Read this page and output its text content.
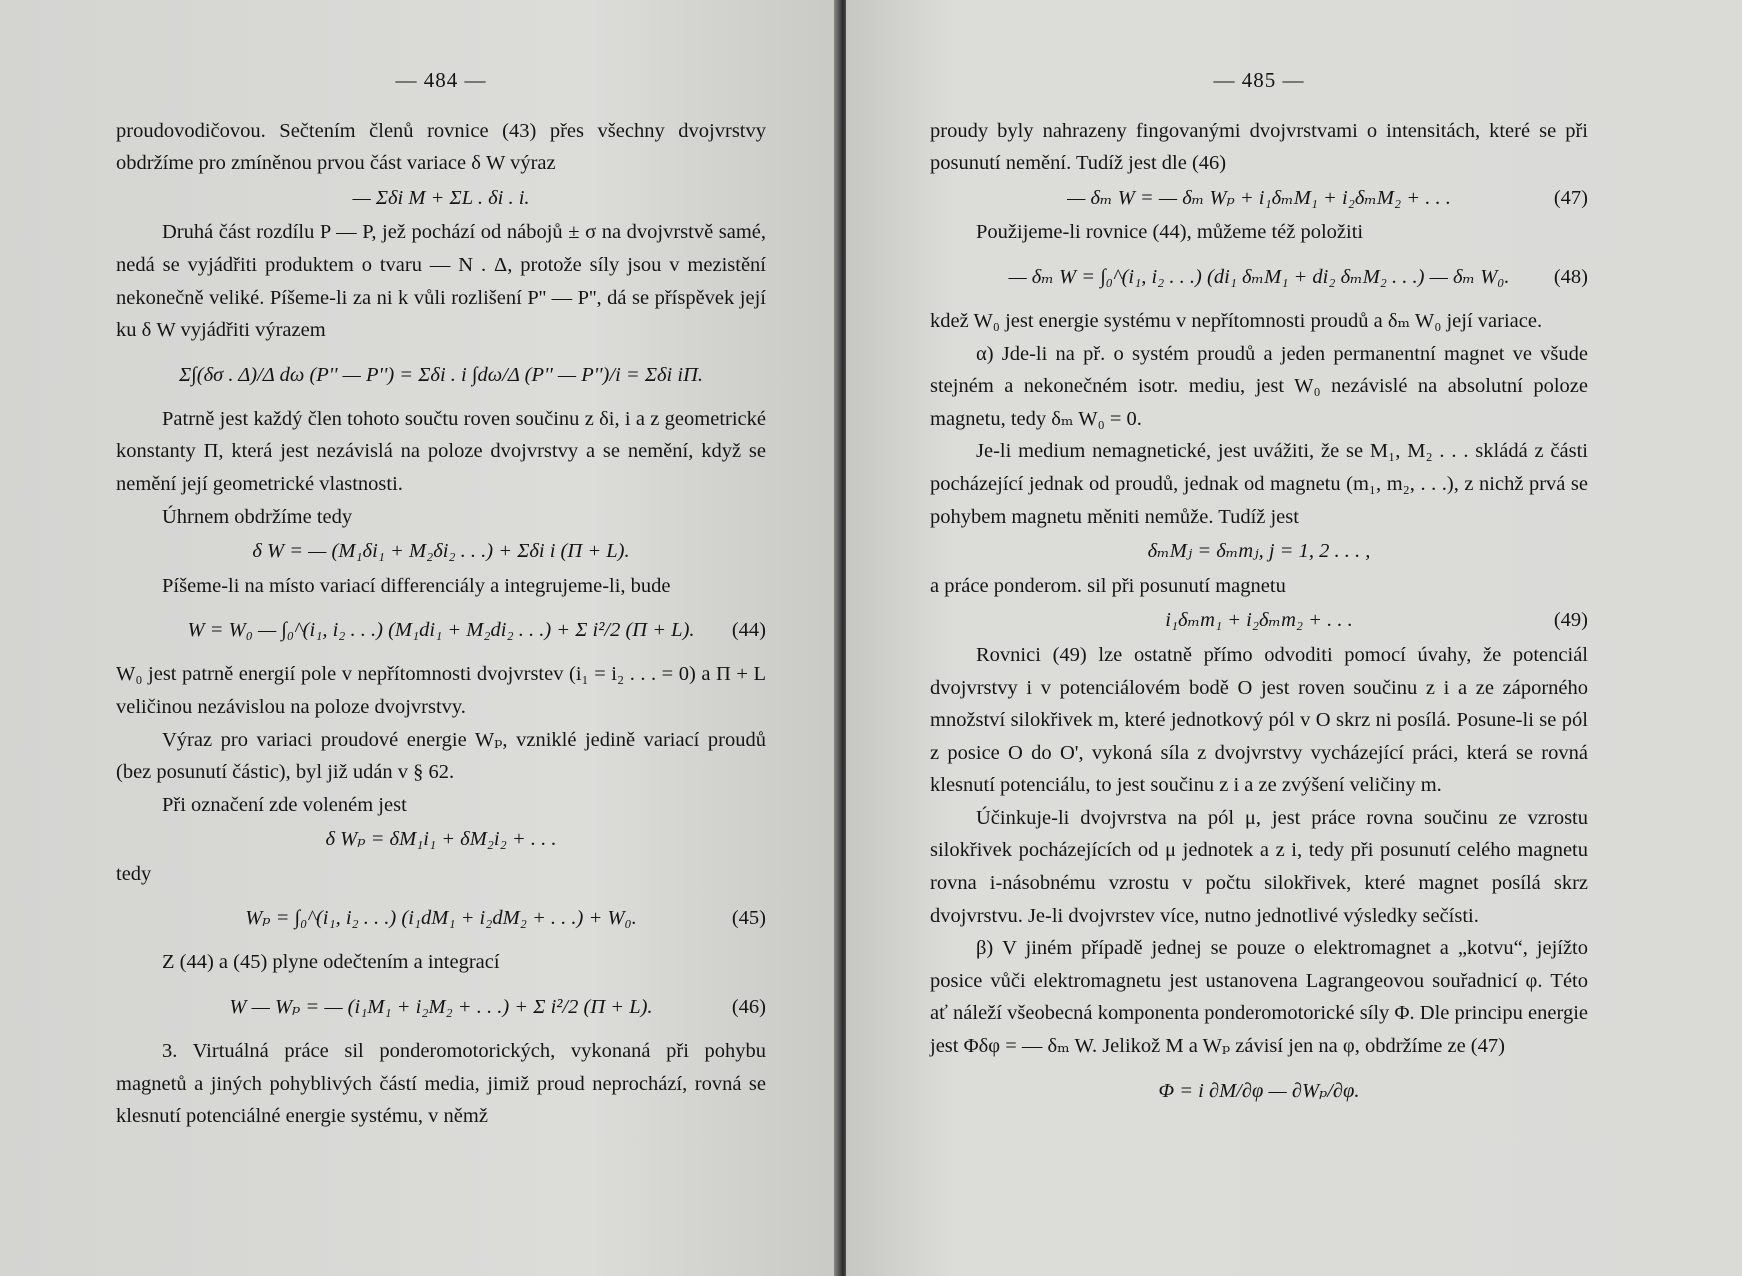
— 484 —

proudovodičovou. Sečtením členů rovnice (43) přes všechny dvojvrstvy obdržíme pro zmíněnou prvou část variace δ W výraz

— Σδi M + ΣL . δi . i.

Druhá část rozdílu P — P, jež pochází od nábojů ± σ na dvojvrstvě samé, nedá se vyjádřiti produktem o tvaru — N . Δ, protože síly jsou v mezistění nekonečně veliké. Píšeme-li za ni k vůli rozlišení P'' — P'', dá se příspěvek její ku δ W vyjádřiti výrazem

Σ∫(δσ . Δ)/Δ dω (P'' — P'') = Σδi . i ∫dω/Δ (P'' — P'')/i = Σδi iΠ.

Patrně jest každý člen tohoto součtu roven součinu z δi, i a z geometrické konstanty Π, která jest nezávislá na poloze dvojvrstvy a se nemění, když se nemění její geometrické vlastnosti.

Úhrnem obdržíme tedy

δ W = — (M₁δi₁ + M₂δi₂ . . .) + Σδi i (Π + L).

Píšeme-li na místo variací differenciály a integrujeme-li, bude

W = W₀ — ∫₀^(i₁, i₂ . . .) (M₁di₁ + M₂di₂ . . .) + Σ i²/2 (Π + L). (44)

W₀ jest patrně energií pole v nepřítomnosti dvojvrstev (i₁ = i₂ . . . = 0) a Π + L veličinou nezávislou na poloze dvojvrstvy.

Výraz pro variaci proudové energie Wₚ, vzniklé jedině variací proudů (bez posunutí částic), byl již udán v § 62.

Při označení zde voleném jest

δ Wₚ = δM₁i₁ + δM₂i₂ + . . .

tedy

Wₚ = ∫₀^(i₁, i₂ . . .) (i₁dM₁ + i₂dM₂ + . . .) + W₀.	(45)

Z (44) a (45) plyne odečtením a integrací

W — Wₚ = — (i₁M₁ + i₂M₂ + . . .) + Σ i²/2 (Π + L).	(46)

3. Virtuálná práce sil ponderomotorických, vykonaná při pohybu magnetů a jiných pohyblivých částí media, jimiž proud neprochází, rovná se klesnutí potenciálné energie systému, v němž

— 485 —

proudy byly nahrazeny fingovanými dvojvrstvami o intensitách, které se při posunutí nemění. Tudíž jest dle (46)

— δₘ W = — δₘ Wₚ + i₁δₘM₁ + i₂δₘM₂ + . . .	(47)

Použijeme-li rovnice (44), můžeme též položiti

— δₘ W = ∫₀^(i₁, i₂ . . .) (di₁ δₘM₁ + di₂ δₘM₂ . . .) — δₘ W₀. (48)

kdež W₀ jest energie systému v nepřítomnosti proudů a δₘ W₀ její variace.

α) Jde-li na př. o systém proudů a jeden permanentní magnet ve všude stejném a nekonečném isotr. mediu, jest W₀ nezávislé na absolutní poloze magnetu, tedy δₘ W₀ = 0.

Je-li medium nemagnetické, jest uvážiti, že se M₁, M₂ . . . skládá z části pocházející jednak od proudů, jednak od magnetu (m₁, m₂, . . .), z nichž prvá se pohybem magnetu měniti nemůže. Tudíž jest

δₘMⱼ = δₘmⱼ, j = 1, 2 . . . ,

a práce ponderom. sil při posunutí magnetu

i₁δₘm₁ + i₂δₘm₂ + . . .	(49)

Rovnici (49) lze ostatně přímo odvoditi pomocí úvahy, že potenciál dvojvrstvy i v potenciálovém bodě O jest roven součinu z i a ze záporného množství silokřivek m, které jednotkový pól v O skrz ni posílá. Posune-li se pól z posice O do O', vykoná síla z dvojvrstvy vycházející práci, která se rovná klesnutí potenciálu, to jest součinu z i a ze zvýšení veličiny m.

Účinkuje-li dvojvrstva na pól μ, jest práce rovna součinu ze vzrostu silokřivek pocházejících od μ jednotek a z i, tedy při posunutí celého magnetu rovna i-násobnému vzrostu v počtu silokřivek, které magnet posílá skrz dvojvrstvu. Je-li dvojvrstev více, nutno jednotlivé výsledky sečísti.

β) V jiném případě jednej se pouze o elektromagnet a „kotvu“, jejížto posice vůči elektromagnetu jest ustanovena Lagrangeovou souřadnicí φ. Této ať náleží všeobecná komponenta ponderomotorické síly Φ. Dle principu energie jest Φδφ = — δₘ W. Jelikož M a Wₚ závisí jen na φ, obdržíme ze (47)

Φ = i ∂M/∂φ — ∂Wₚ/∂φ.
